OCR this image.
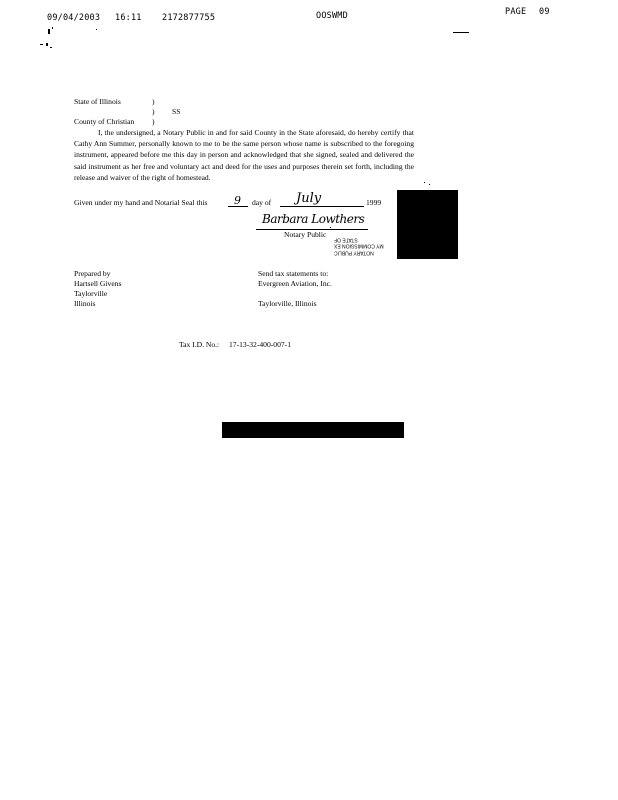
09/04/2003 16:11 2172877755	OOSWMD	PAGE 09
State of Illinois	)
) SS
County of Christian )

I, the undersigned, a Notary Public in and for said County in the State aforesaid, do hereby certify that Cathy Ann Summer, personally known to me to be the same person whose name is subscribed to the foregoing instrument, appeared before me this day in person and acknowledged that she signed, sealed and delivered the said instrument as her free and voluntary act and deed for the uses and purposes therein set forth, including the release and waiver of the right of homestead.

Given under my hand and Notarial Seal this 9 day of July	1999
Barbara Lowthers
Notary Public
NOTARY PUBLIC
MY COMMISSION EX
STATE OF
Prepared by
Hartsell Givens
Taylorville
Illinois
Send tax statements to:
Evergreen Aviation, Inc.
Taylorville, Illinois
Tax I.D. No.: 17-13-32-400-007-1
